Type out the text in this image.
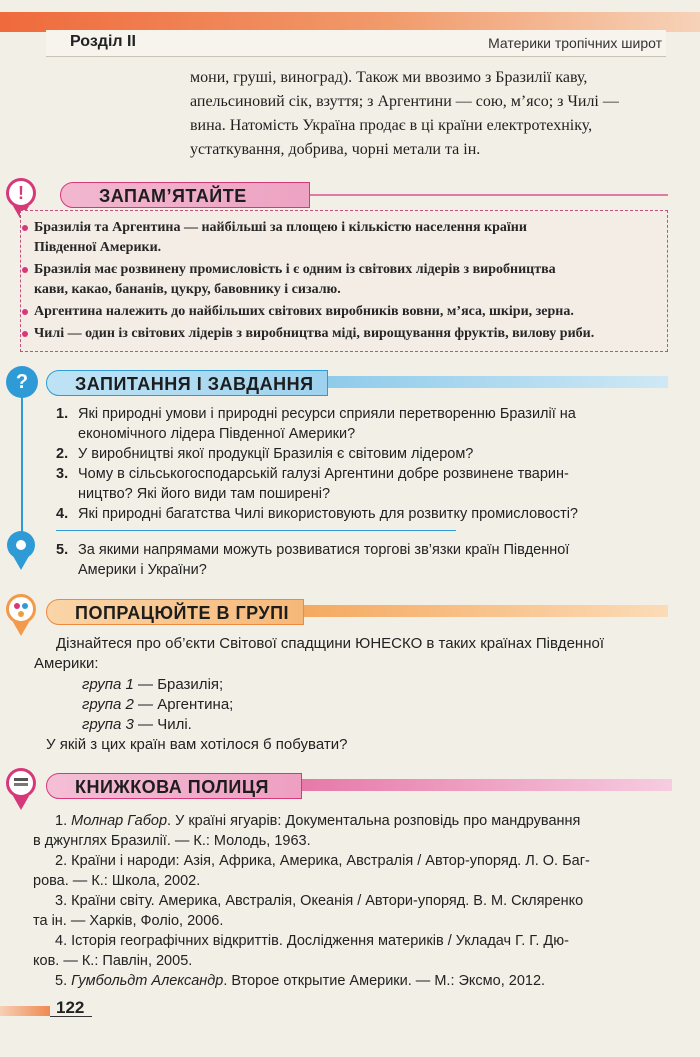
Розділ II	Материки тропічних широт
мони, груші, виноград). Також ми ввозимо з Бразилії каву,
апельсиновий сік, взуття; з Аргентини — сою, м’ясо; з Чилі —
вина. Натомість Україна продає в ці країни електротехніку,
устаткування, добрива, чорні метали та ін.
!	ЗАПАМ’ЯТАЙТЕ
Бразилія та Аргентина — найбільші за площею і кількістю населення країни
Південної Америки.
Бразилія має розвинену промисловість і є одним із світових лідерів з виробництва
кави, какао, бананів, цукру, бавовнику і сизалю.
Аргентина належить до найбільших світових виробників вовни, м’яса, шкіри, зерна.
Чилі — один із світових лідерів з виробництва міді, вирощування фруктів, вилову риби.
?	ЗАПИТАННЯ І ЗАВДАННЯ
1. Які природні умови і природні ресурси сприяли перетворенню Бразилії на
економічного лідера Південної Америки?
2. У виробництві якої продукції Бразилія є світовим лідером?
3. Чому в сільськогосподарській галузі Аргентини добре розвинене тварин-
ництво? Які його види там поширені?
4. Які природні багатства Чилі використовують для розвитку промисловості?
5. За якими напрямами можуть розвиватися торгові зв’язки країн Південної
Америки і України?
ПОПРАЦЮЙТЕ В ГРУПІ
Дізнайтеся про об’єкти Світової спадщини ЮНЕСКО в таких країнах Південної
Америки:
група 1 — Бразилія;
група 2 — Аргентина;
група 3 — Чилі.
У якій з цих країн вам хотілося б побувати?
КНИЖКОВА ПОЛИЦЯ
1. Молнар Габор. У країні ягуарів: Документальна розповідь про мандрування
в джунглях Бразилії. — К.: Молодь, 1963.
2. Країни і народи: Азія, Африка, Америка, Австралія / Автор-упоряд. Л. О. Баг-
рова. — К.: Школа, 2002.
3. Країни світу. Америка, Австралія, Океанія / Автори-упоряд. В. М. Скляренко
та ін. — Харків, Фоліо, 2006.
4. Історія географічних відкриттів. Дослідження материків / Укладач Г. Г. Дю-
ков. — К.: Павлін, 2005.
5. Гумбольдт Александр. Второе открытие Америки. — М.: Эксмо, 2012.
122
